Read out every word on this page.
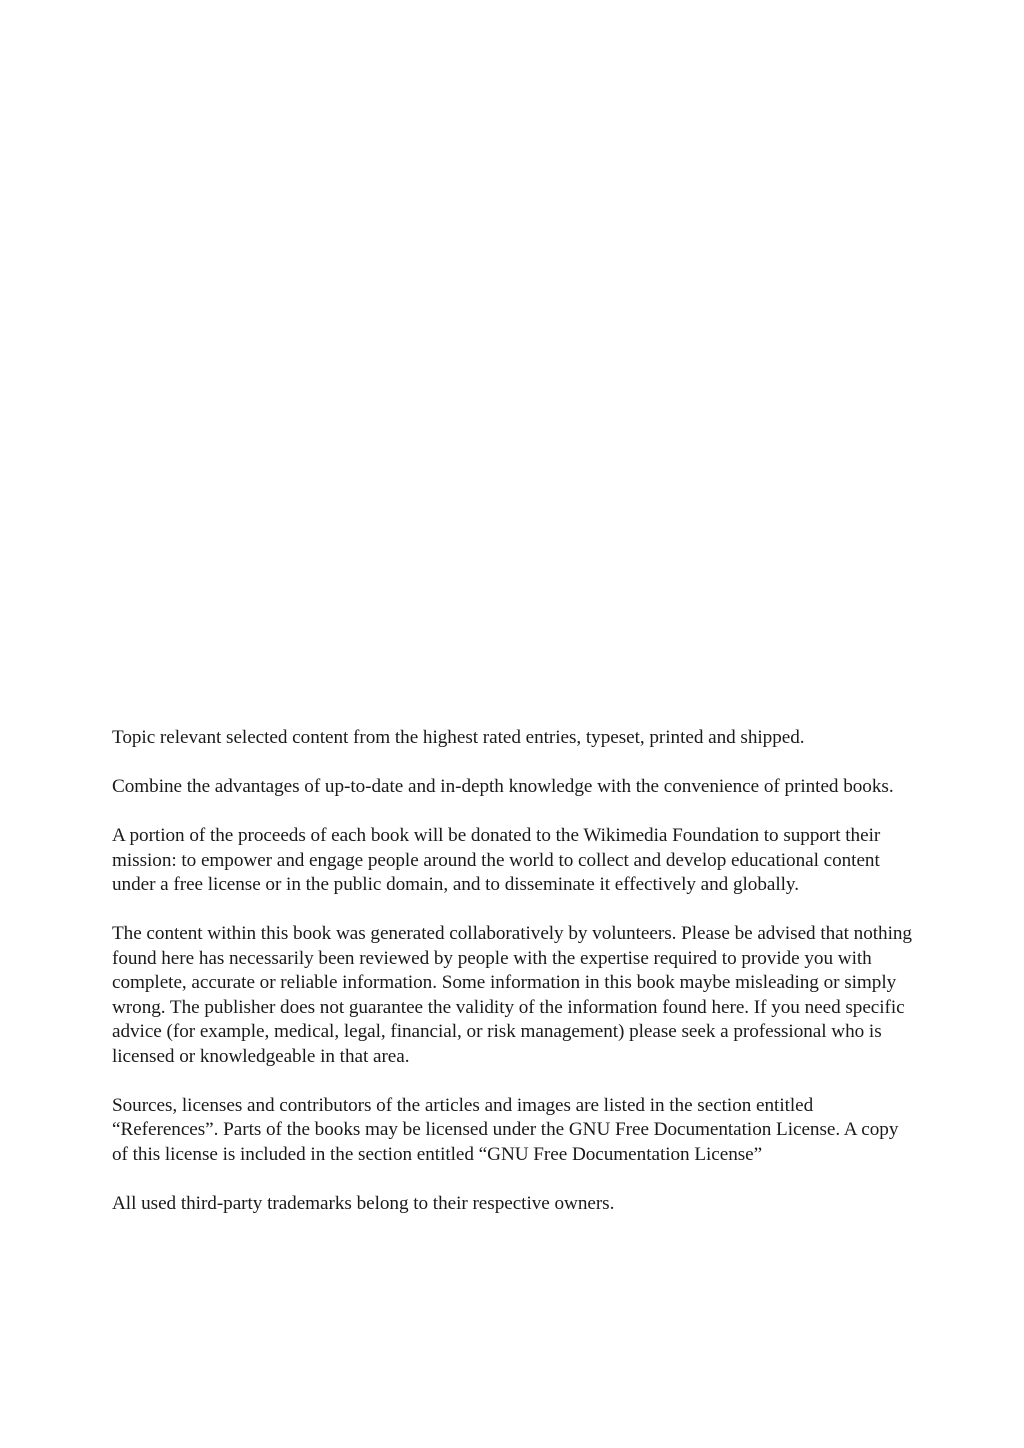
Topic relevant selected content from the highest rated entries, typeset, printed and shipped.

Combine the advantages of up-to-date and in-depth knowledge with the convenience of printed books.

A portion of the proceeds of each book will be donated to the Wikimedia Foundation to support their mission: to empower and engage people around the world to collect and develop educational content under a free license or in the public domain, and to disseminate it effectively and globally.

The content within this book was generated collaboratively by volunteers. Please be advised that nothing found here has necessarily been reviewed by people with the expertise required to provide you with complete, accurate or reliable information. Some information in this book maybe misleading or simply wrong. The publisher does not guarantee the validity of the information found here. If you need specific advice (for example, medical, legal, financial, or risk management) please seek a professional who is licensed or knowledgeable in that area.

Sources, licenses and contributors of the articles and images are listed in the section entitled “References”. Parts of the books may be licensed under the GNU Free Documentation License. A copy of this license is included in the section entitled “GNU Free Documentation License”

All used third-party trademarks belong to their respective owners.
